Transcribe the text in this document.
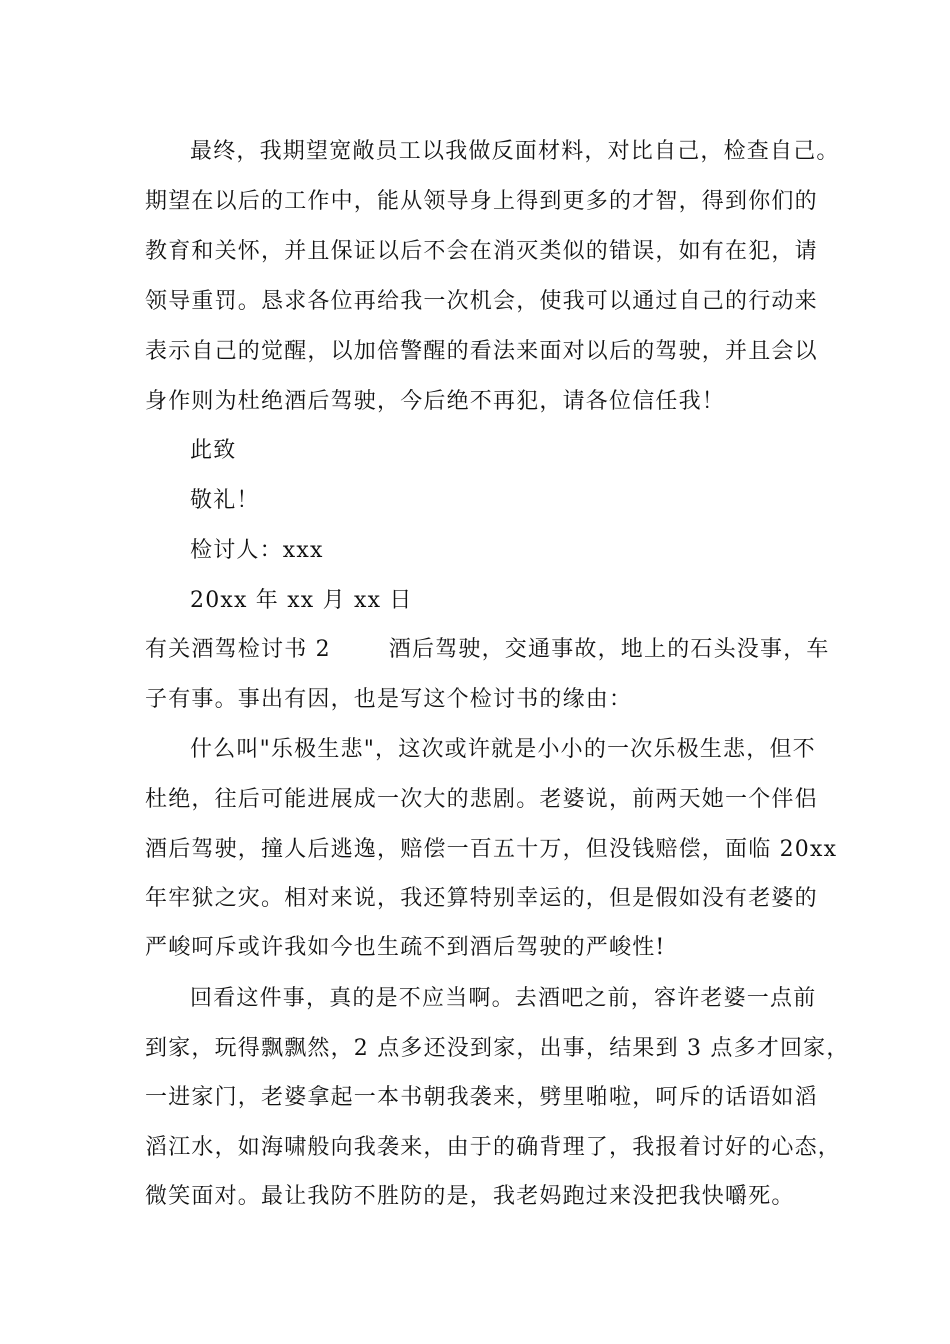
最终，我期望宽敞员工以我做反面材料，对比自己，检查自己。
期望在以后的工作中，能从领导身上得到更多的才智，得到你们的
教育和关怀，并且保证以后不会在消灭类似的错误，如有在犯，请
领导重罚。恳求各位再给我一次机会，使我可以通过自己的行动来
表示自己的觉醒，以加倍警醒的看法来面对以后的驾驶，并且会以
身作则为杜绝酒后驾驶，今后绝不再犯，请各位信任我！
此致
敬礼！
检讨人：xxx
20xx 年 xx 月 xx 日
有关酒驾检讨书 2	酒后驾驶，交通事故，地上的石头没事，车
子有事。事出有因，也是写这个检讨书的缘由：
什么叫"乐极生悲"，这次或许就是小小的一次乐极生悲，但不
杜绝，往后可能进展成一次大的悲剧。老婆说，前两天她一个伴侣
酒后驾驶，撞人后逃逸，赔偿一百五十万，但没钱赔偿，面临 20xx
年牢狱之灾。相对来说，我还算特别幸运的，但是假如没有老婆的
严峻呵斥或许我如今也生疏不到酒后驾驶的严峻性!
回看这件事，真的是不应当啊。去酒吧之前，容许老婆一点前
到家，玩得飘飘然，2 点多还没到家，出事，结果到 3 点多才回家，
一进家门，老婆拿起一本书朝我袭来，劈里啪啦，呵斥的话语如滔
滔江水，如海啸般向我袭来，由于的确背理了，我报着讨好的心态，
微笑面对。最让我防不胜防的是，我老妈跑过来没把我快嚼死。
